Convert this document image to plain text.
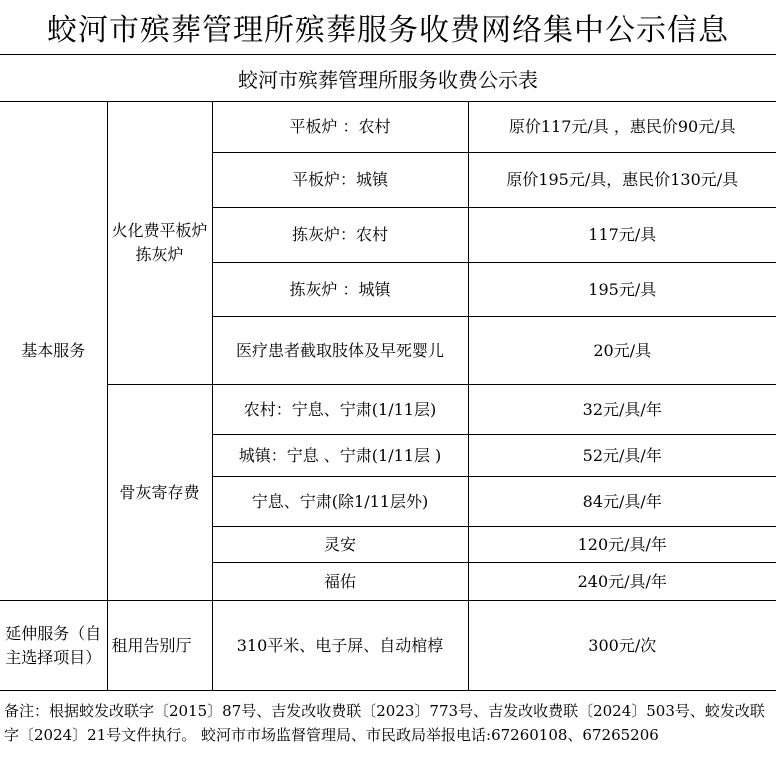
蛟河市殡葬管理所殡葬服务收费网络集中公示信息
蛟河市殡葬管理所服务收费公示表
基本服务	火化费平板炉拣灰炉	平板炉 ：农村	原价117元/具 ，惠民价90元/具
		平板炉：城镇	原价195元/具，惠民价130元/具
		拣灰炉：农村	117元/具
		拣灰炉 ：城镇	195元/具
		医疗患者截取肢体及早死婴儿	20元/具
	骨灰寄存费	农村：宁息、宁肃(1/11层)	32元/具/年
		城镇：宁息 、宁肃(1/11层 )	52元/具/年
		宁息、宁肃(除1/11层外)	84元/具/年
		灵安	120元/具/年
		福佑	240元/具/年
延伸服务（自主选择项目）	租用告别厅	310平米、电子屏、自动棺椁	300元/次
备注：根据蛟发改联字〔2015〕87号、吉发改收费联〔2023〕773号、吉发改收费联〔2024〕503号、蛟发改联字〔2024〕21号文件执行。 蛟河市市场监督管理局、市民政局举报电话:67260108、67265206
